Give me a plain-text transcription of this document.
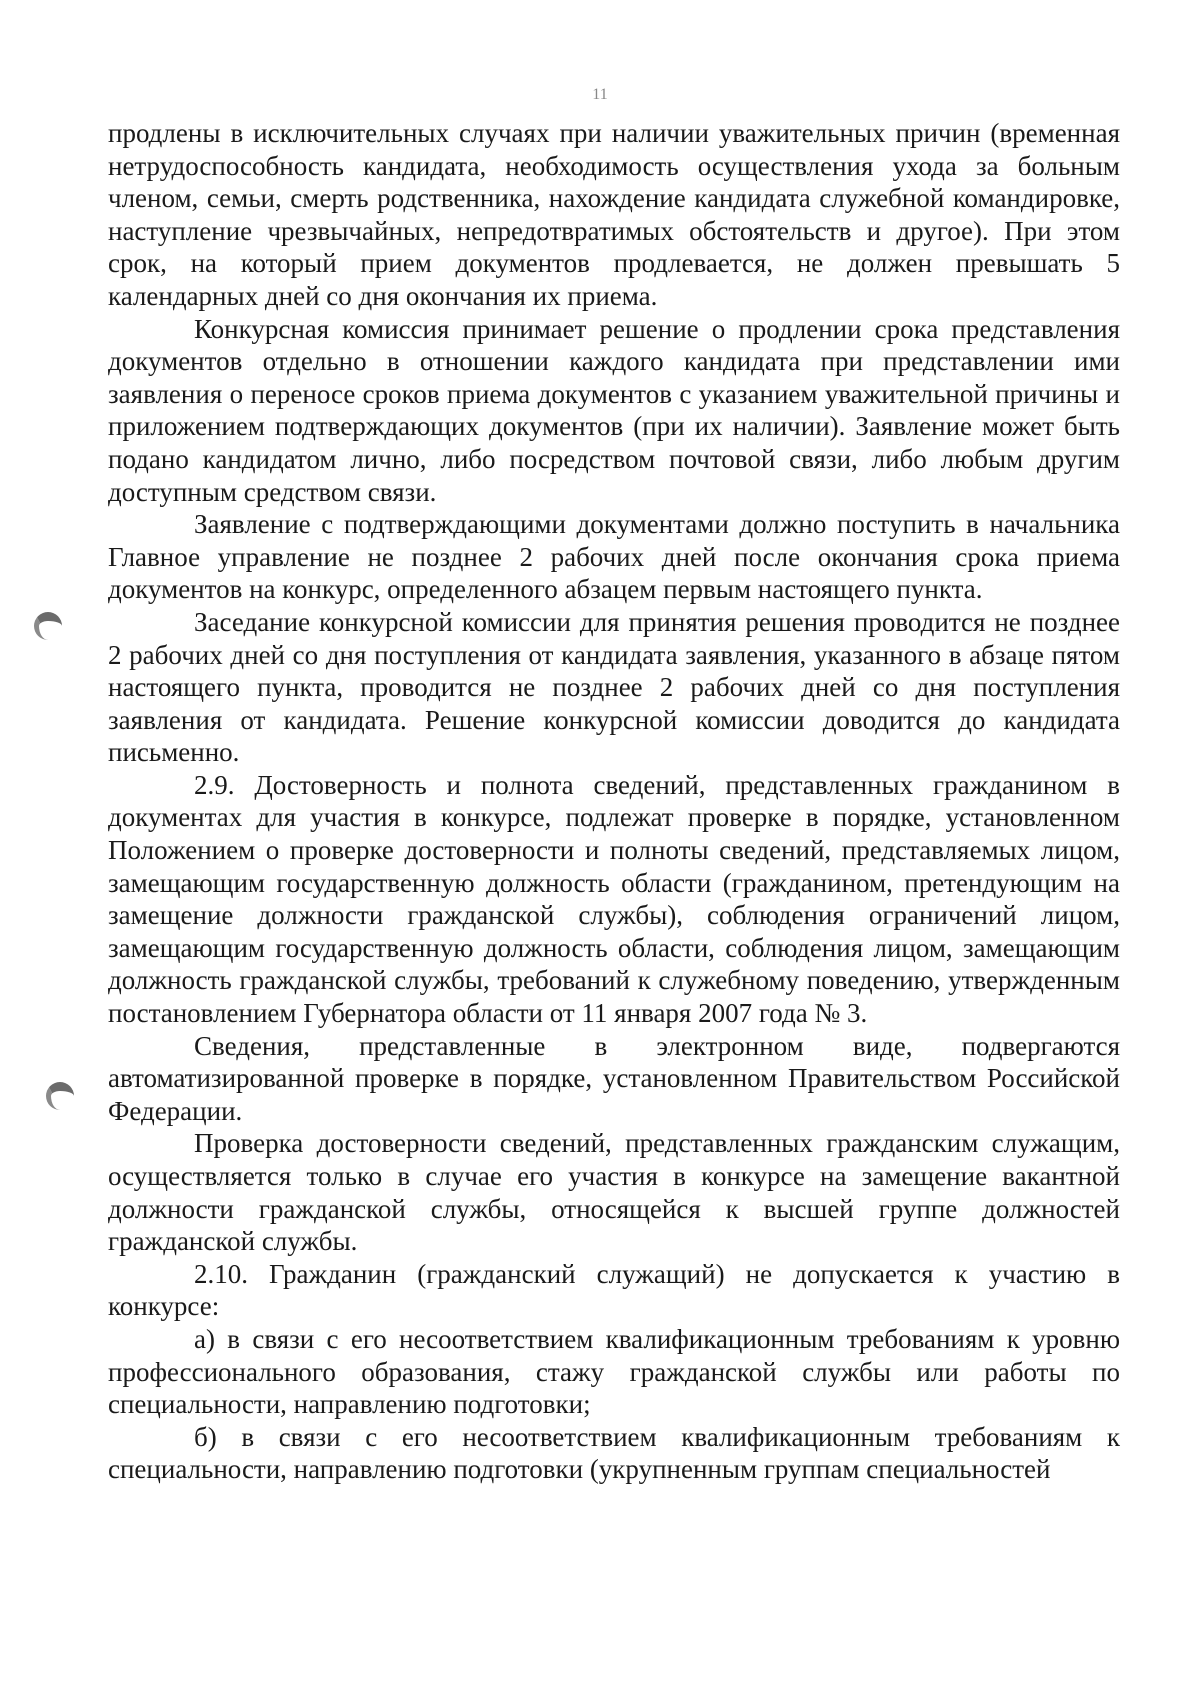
11

продлены в исключительных случаях при наличии уважительных причин (временная нетрудоспособность кандидата, необходимость осуществления ухода за больным членом, семьи, смерть родственника, нахождение кандидата служебной командировке, наступление чрезвычайных, непредотвратимых обстоятельств и другое). При этом срок, на который прием документов продлевается, не должен превышать 5 календарных дней со дня окончания их приема.

Конкурсная комиссия принимает решение о продлении срока представления документов отдельно в отношении каждого кандидата при представлении ими заявления о переносе сроков приема документов с указанием уважительной причины и приложением подтверждающих документов (при их наличии). Заявление может быть подано кандидатом лично, либо посредством почтовой связи, либо любым другим доступным средством связи.

Заявление с подтверждающими документами должно поступить в начальника Главное управление не позднее 2 рабочих дней после окончания срока приема документов на конкурс, определенного абзацем первым настоящего пункта.

Заседание конкурсной комиссии для принятия решения проводится не позднее 2 рабочих дней со дня поступления от кандидата заявления, указанного в абзаце пятом настоящего пункта, проводится не позднее 2 рабочих дней со дня поступления заявления от кандидата. Решение конкурсной комиссии доводится до кандидата письменно.

2.9. Достоверность и полнота сведений, представленных гражданином в документах для участия в конкурсе, подлежат проверке в порядке, установленном Положением о проверке достоверности и полноты сведений, представляемых лицом, замещающим государственную должность области (гражданином, претендующим на замещение должности гражданской службы), соблюдения ограничений лицом, замещающим государственную должность области, соблюдения лицом, замещающим должность гражданской службы, требований к служебному поведению, утвержденным постановлением Губернатора области от 11 января 2007 года № 3.

Сведения, представленные в электронном виде, подвергаются автоматизированной проверке в порядке, установленном Правительством Российской Федерации.

Проверка достоверности сведений, представленных гражданским служащим, осуществляется только в случае его участия в конкурсе на замещение вакантной должности гражданской службы, относящейся к высшей группе должностей гражданской службы.

2.10. Гражданин (гражданский служащий) не допускается к участию в конкурсе:

а) в связи с его несоответствием квалификационным требованиям к уровню профессионального образования, стажу гражданской службы или работы по специальности, направлению подготовки;

б) в связи с его несоответствием квалификационным требованиям к специальности, направлению подготовки (укрупненным группам специальностей
